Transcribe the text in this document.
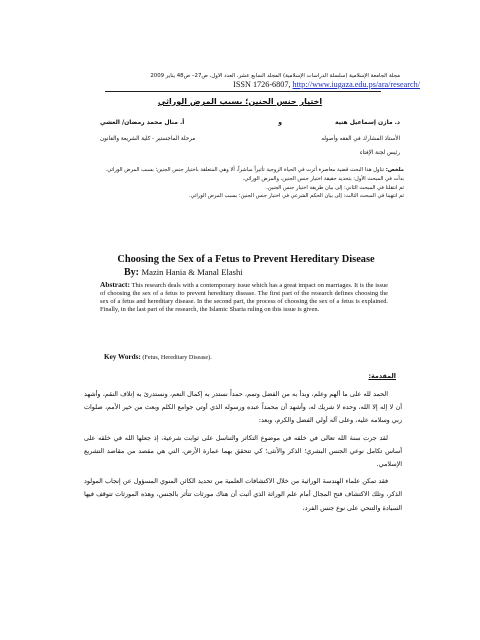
مجلة الجامعة الإسلامية (سلسلة الدراسات الإسلامية) المجلد السابع عشر، العدد الأول، ص27– ص48 يناير 2009
ISSN 1726-6807, http://www.iugaza.edu.ps/ara/research/
اختيار جنس الجنين؛ بسبب المرض الوراثي
د. مازن إسماعيل هنية
و
أ. منال محمد رمضان/ العشي
الأستاذ المشارك في الفقه وأصوله
مرحلة الماجستير - كلية الشريعة والقانون
رئيس لجنة الإفتاء

ملخص: تناول هذا البحث قضية معاصرة أثرت في الحياة الزوجية تأثيراً مباشراً، ألا وهي المتعلقة باختيار جنس الجنين؛ بسبب المرض الوراثي.

بدأت في المبحث الأول: بتحديد حقيقة اختيار جنس الجنين، والمرض الوراثي.

ثم انتقلنا في المبحث الثاني: إلى بيان طريقة اختيار جنس الجنين.

ثم انتهينا في المبحث الثالث: إلى بيان الحكم الشرعي في اختيار جنس الجنين؛ بسبب المرض الوراثي.

Choosing the Sex of a Fetus to Prevent Hereditary Disease
By: Mazin Hania & Manal Elashi
Abstract: This research deals with a contemporary issue which has a great impact on marriages. It is the issue of choosing the sex of a fetus to prevent hereditary disease. The first part of the research defines choosing the sex of a fetus and hereditary disease. In the second part, the process of choosing the sex of a fetus is explained. Finally, in the last part of the research, the Islamic Sharia ruling on this issue is given.
Key Words: (Fetus, Hereditary Disease).
المقدمة:

الحمد لله على ما ألهم وعلم، وبدأ به من الفضل وتمم، حمداً نستدر به إكمال النعم، ونستدرئ به إتلاف النقم، وأشهد أن لا إله إلا الله، وحده لا شريك له، وأشهد أن محمداً عبده ورسوله الذي أوتي جوامع الكلم وبعث من خير الأمم، صلوات ربي وسلامه عليه، وعلى آله أولي الفضل والكرم، وبعد:

لقد جرت سنة الله تعالى في خلقه في موضوع التكاثر والتناسل على ثوابت شرعية، إذ جعلها الله في خلقه على أساس تكامل نوعي الجنس البشري؛ الذكر والأنثى؛ كي تتحقق بهما عمارة الأرض، التي هي مقصد من مقاصد التشريع الإسلامي.

فقد تمكن علماء الهندسة الوراثية من خلال الاكتشافات العلمية من تحديد الكائن المنوي المسؤول عن إنجاب المولود الذكر، وتلك الاكتشاف فتح المجال أمام علم الوراثة الذي أثبت أن هناك مورثات تتأثر بالجنس، وهذه المورثات تتوقف فيها السيادة والتنحي على نوع جنس الفرد،
